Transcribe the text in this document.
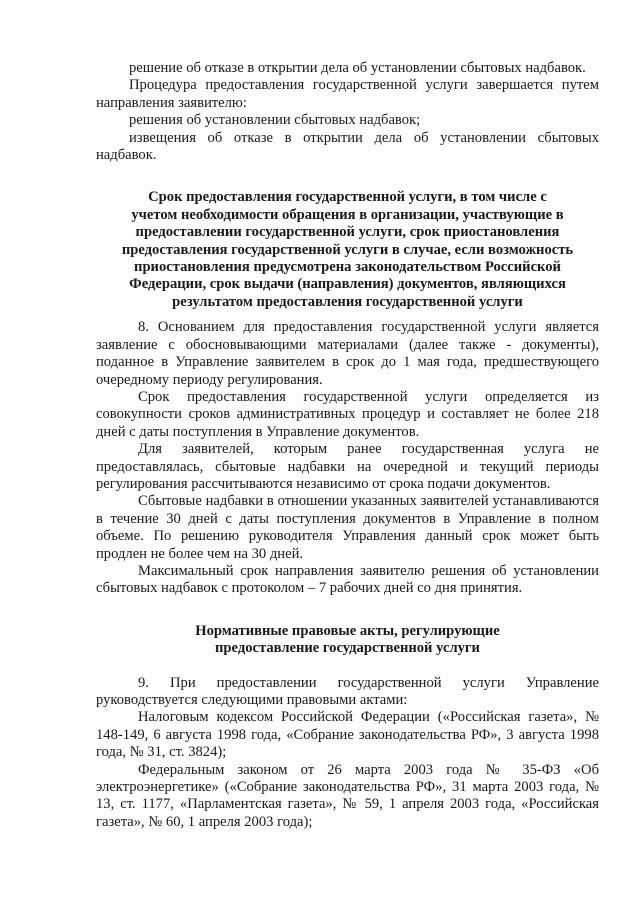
решение об отказе в открытии дела об установлении сбытовых надбавок.

Процедура предоставления государственной услуги завершается путем направления заявителю:

решения об установлении сбытовых надбавок;

извещения об отказе в открытии дела об установлении сбытовых надбавок.

Срок предоставления государственной услуги, в том числе с
учетом необходимости обращения в организации, участвующие в
предоставлении государственной услуги, срок приостановления
предоставления государственной услуги в случае, если возможность
приостановления предусмотрена законодательством Российской
Федерации, срок выдачи (направления) документов, являющихся
результатом предоставления государственной услуги

8. Основанием для предоставления государственной услуги является заявление с обосновывающими материалами (далее также - документы), поданное в Управление заявителем в срок до 1 мая года, предшествующего очередному периоду регулирования.

Срок предоставления государственной услуги определяется из совокупности сроков административных процедур и составляет не более 218 дней с даты поступления в Управление документов.

Для заявителей, которым ранее государственная услуга не предоставлялась, сбытовые надбавки на очередной и текущий периоды регулирования рассчитываются независимо от срока подачи документов.

Сбытовые надбавки в отношении указанных заявителей устанавливаются в течение 30 дней с даты поступления документов в Управление в полном объеме. По решению руководителя Управления данный срок может быть продлен не более чем на 30 дней.

Максимальный срок направления заявителю решения об установлении сбытовых надбавок с протоколом – 7 рабочих дней со дня принятия.

Нормативные правовые акты, регулирующие
предоставление государственной услуги

9. При предоставлении государственной услуги Управление руководствуется следующими правовыми актами:

Налоговым кодексом Российской Федерации («Российская газета», № 148-149, 6 августа 1998 года, «Собрание законодательства РФ», 3 августа 1998 года, № 31, ст. 3824);

Федеральным законом от 26 марта 2003 года № 35-ФЗ «Об электроэнергетике» («Собрание законодательства РФ», 31 марта 2003 года, № 13, ст. 1177, «Парламентская газета», № 59, 1 апреля 2003 года, «Российская газета», № 60, 1 апреля 2003 года);
